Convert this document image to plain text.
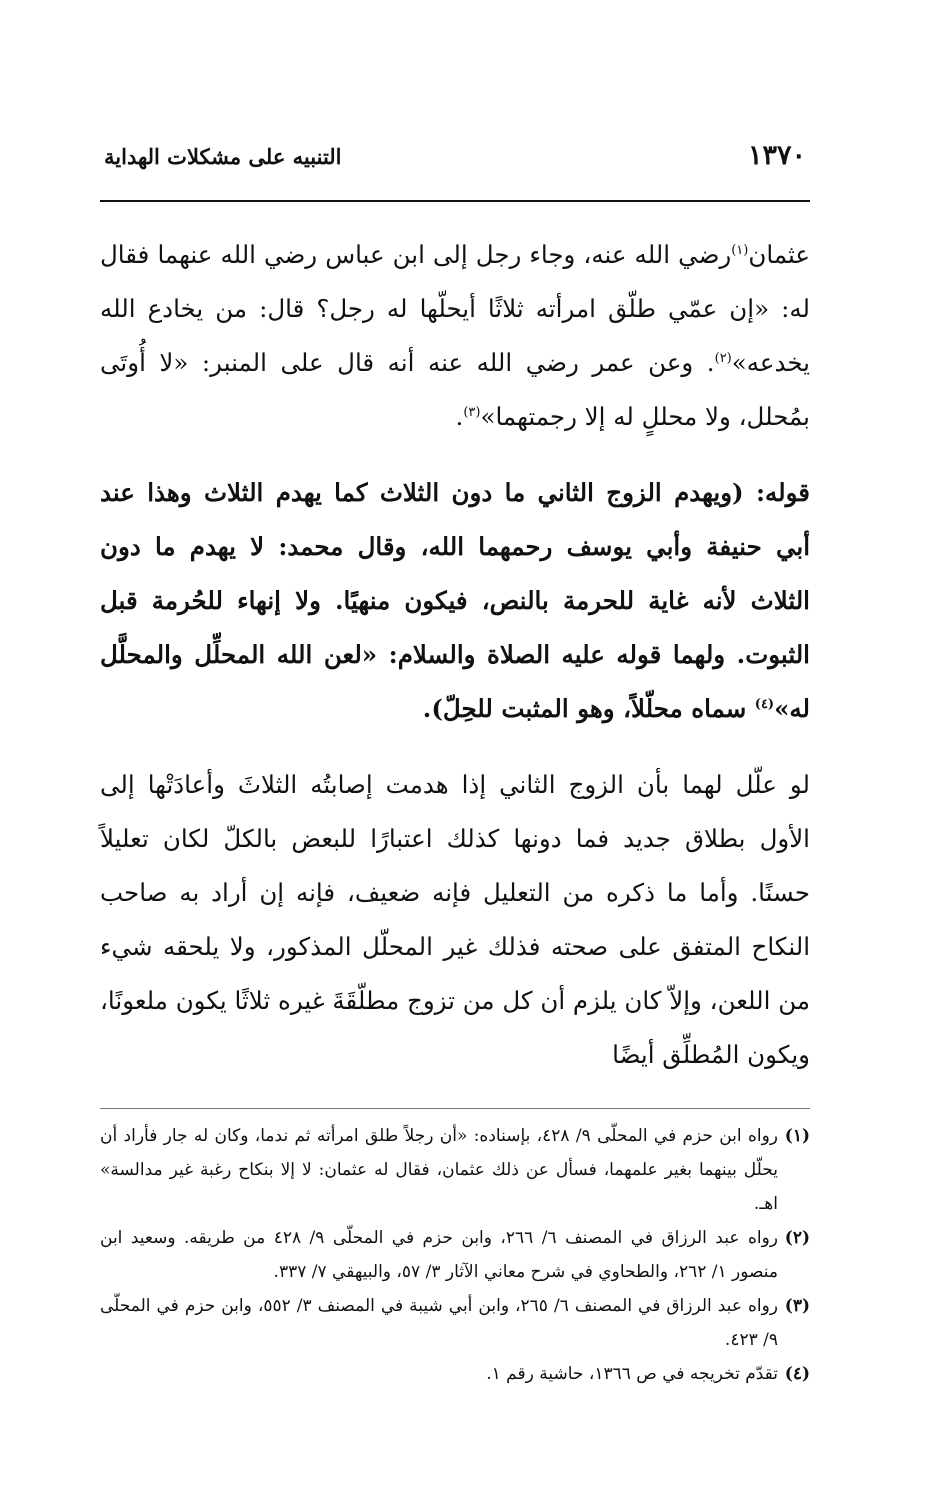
١٣٧٠
التنبيه على مشكلات الهداية

عثمان$^{(١)}$رضي الله عنه، وجاء رجل إلى ابن عباس رضي الله عنهما فقال له: «إن عمّي طلّق امرأته ثلاثًا أيحلّها له رجل؟ قال: من يخادع الله يخدعه»$^{(٢)}$. وعن عمر رضي الله عنه أنه قال على المنبر: «لا أُوتَى بمُحلل، ولا محللٍ له إلا رجمتهما»$^{(٣)}$.

قوله: (ويهدم الزوج الثاني ما دون الثلاث كما يهدم الثلاث وهذا عند أبي حنيفة وأبي يوسف رحمهما الله، وقال محمد: لا يهدم ما دون الثلاث لأنه غاية للحرمة بالنص، فيكون منهيًا. ولا إنهاء للحُرمة قبل الثبوت. ولهما قوله عليه الصلاة والسلام: «لعن الله المحلِّل والمحلَّل له»$^{(٤)}$ سماه محلّلاً، وهو المثبت للحِلّ).

لو علّل لهما بأن الزوج الثاني إذا هدمت إصابتُه الثلاثَ وأعادَتْها إلى الأول بطلاق جديد فما دونها كذلك اعتبارًا للبعض بالكلّ لكان تعليلاً حسنًا. وأما ما ذكره من التعليل فإنه ضعيف، فإنه إن أراد به صاحب النكاح المتفق على صحته فذلك غير المحلّل المذكور، ولا يلحقه شيء من اللعن، وإلاّ كان يلزم أن كل من تزوج مطلّقَةَ غيره ثلاثًا يكون ملعونًا، ويكون المُطلِّق أيضًا

(١)
رواه ابن حزم في المحلّى ٩/ ٤٢٨، بإسناده: «أن رجلاً طلق امرأته ثم ندما، وكان له جار فأراد أن يحلّل بينهما بغير علمهما، فسأل عن ذلك عثمان، فقال له عثمان: لا إلا بنكاح رغبة غير مدالسة» اهـ.
(٢)
رواه عبد الرزاق في المصنف ٦/ ٢٦٦، وابن حزم في المحلّى ٩/ ٤٢٨ من طريقه. وسعيد ابن منصور ١/ ٢٦٢، والطحاوي في شرح معاني الآثار ٣/ ٥٧، والبيهقي ٧/ ٣٣٧.
(٣)
رواه عبد الرزاق في المصنف ٦/ ٢٦٥، وابن أبي شيبة في المصنف ٣/ ٥٥٢، وابن حزم في المحلّى ٩/ ٤٢٣.
(٤)
تقدّم تخريجه في ص ١٣٦٦، حاشية رقم ١.
